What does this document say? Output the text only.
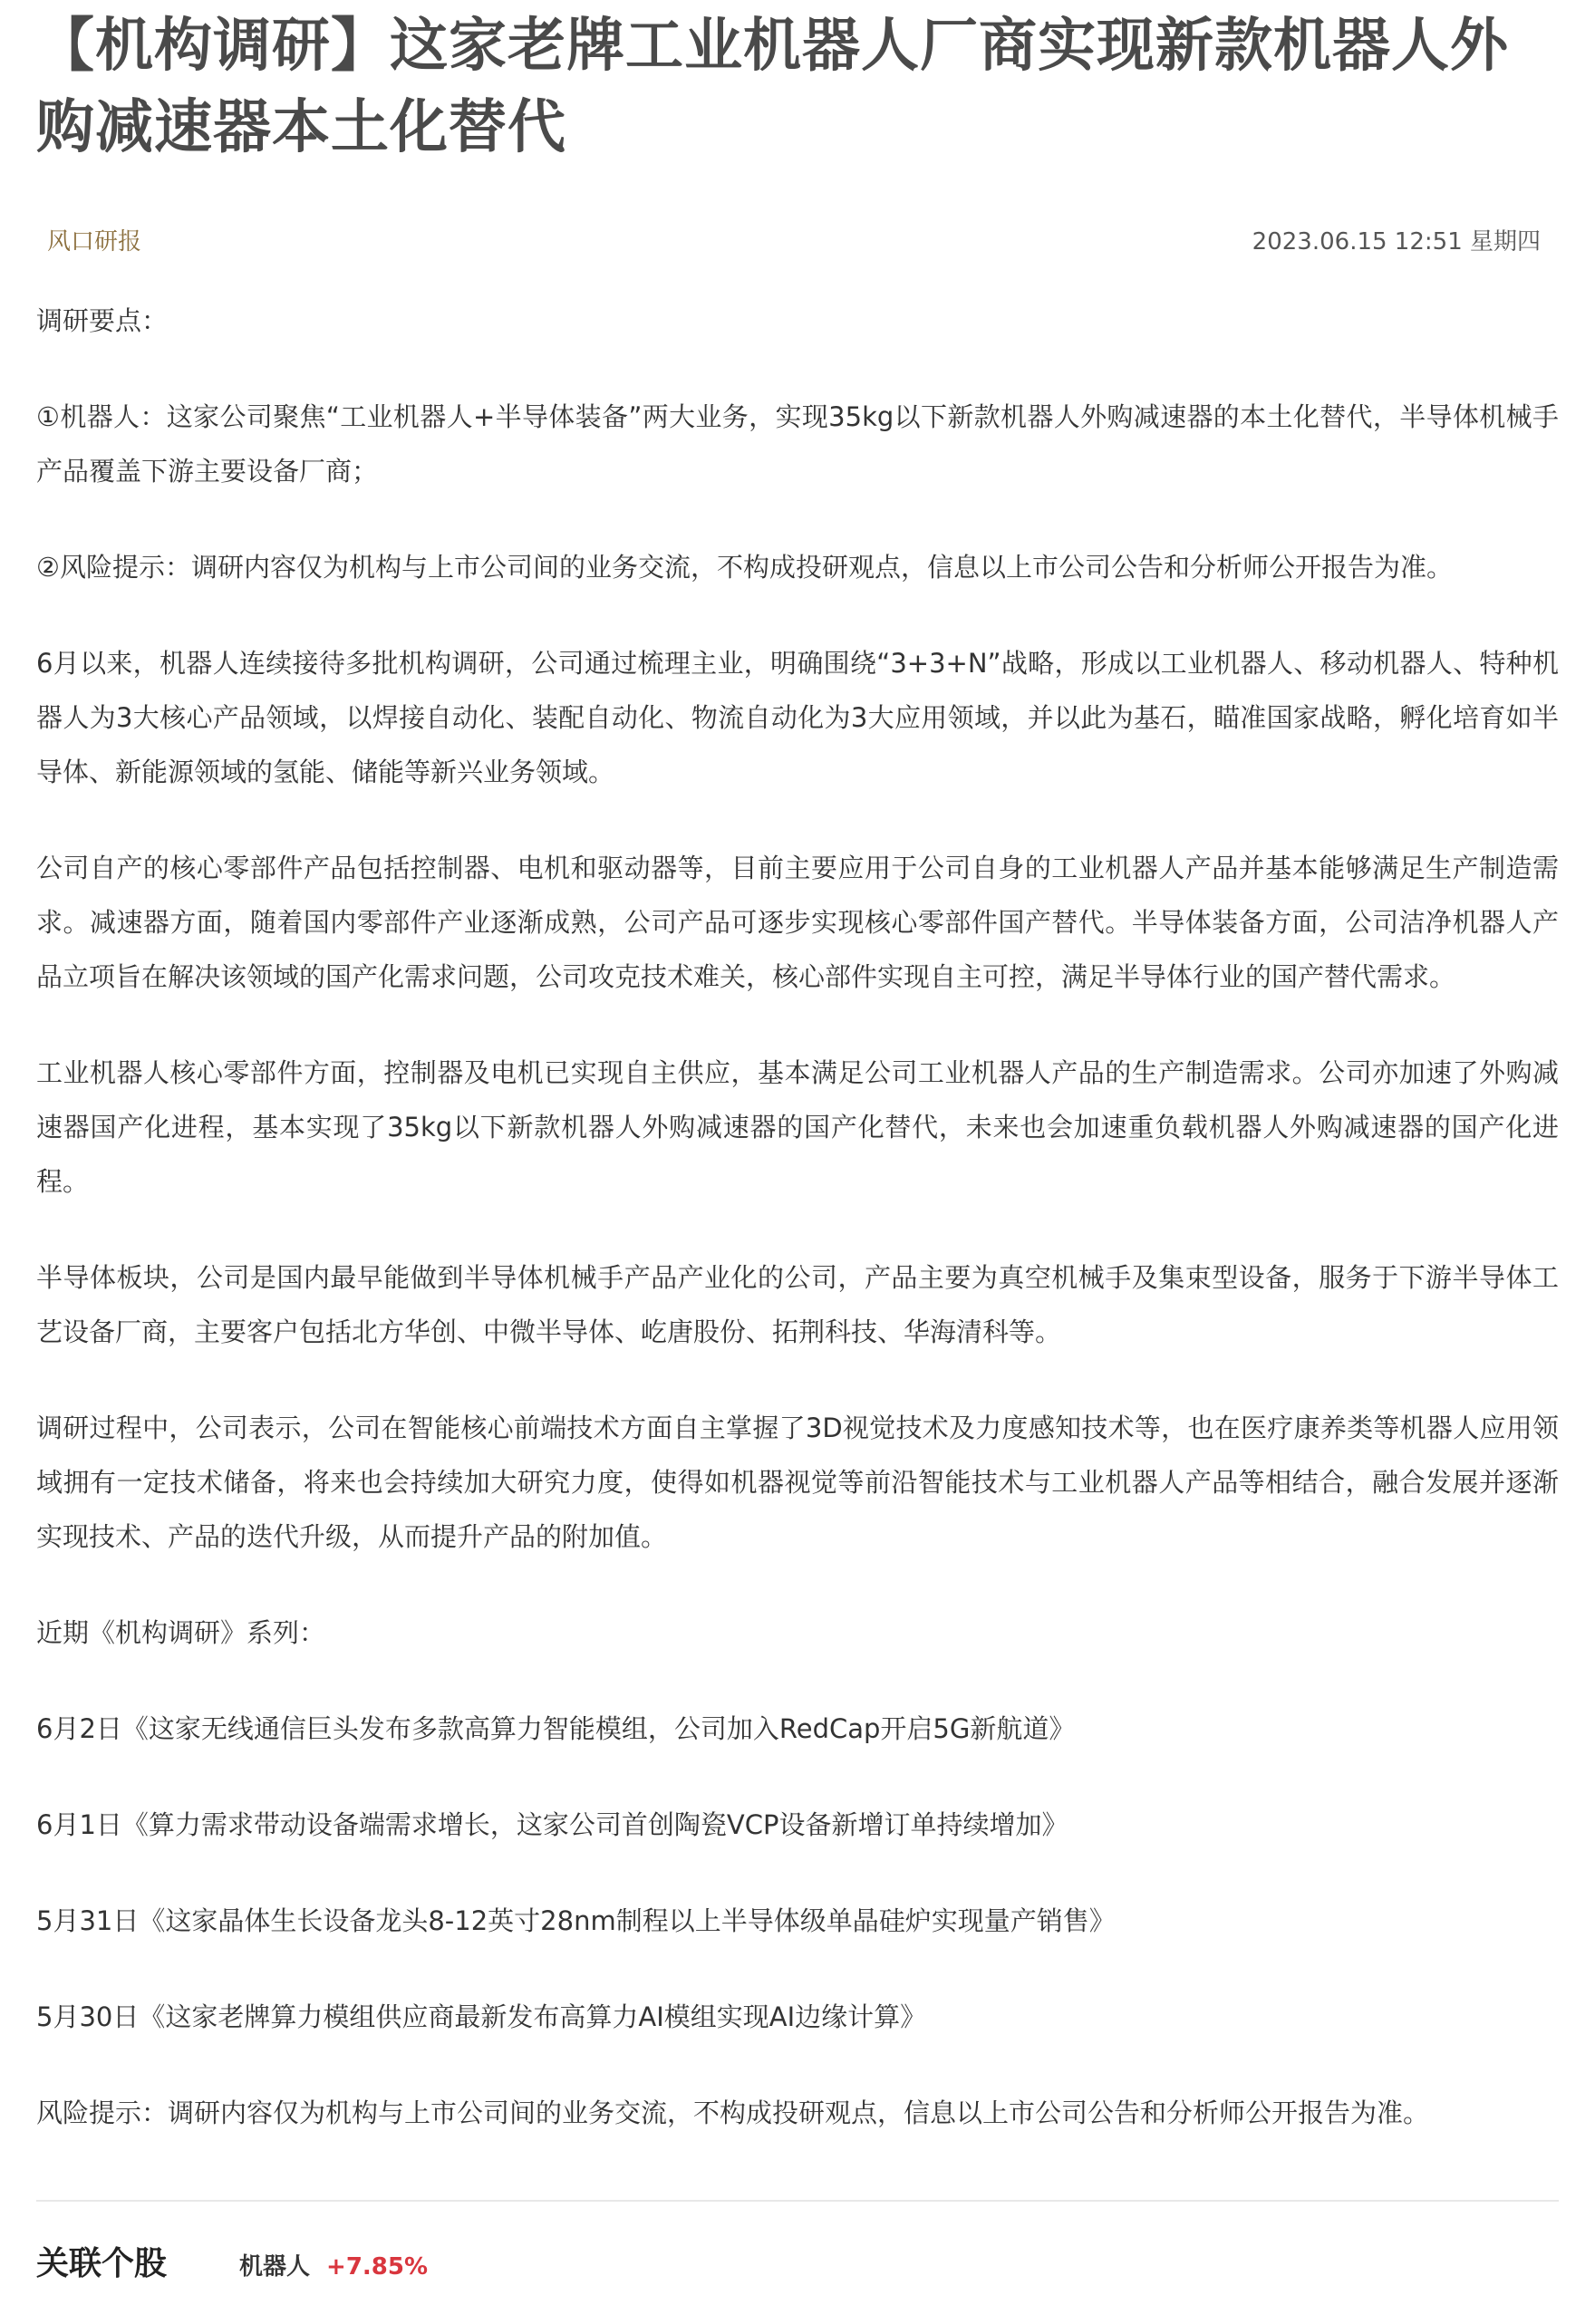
【机构调研】这家老牌工业机器人厂商实现新款机器人外购减速器本土化替代
风口研报	2023.06.15 12:51 星期四

调研要点：

①机器人：这家公司聚焦“工业机器人+半导体装备”两大业务，实现35kg以下新款机器人外购减速器的本土化替代，半导体机械手产品覆盖下游主要设备厂商；

②风险提示：调研内容仅为机构与上市公司间的业务交流，不构成投研观点，信息以上市公司公告和分析师公开报告为准。

6月以来，机器人连续接待多批机构调研，公司通过梳理主业，明确围绕“3+3+N”战略，形成以工业机器人、移动机器人、特种机器人为3大核心产品领域，以焊接自动化、装配自动化、物流自动化为3大应用领域，并以此为基石，瞄准国家战略，孵化培育如半导体、新能源领域的氢能、储能等新兴业务领域。

公司自产的核心零部件产品包括控制器、电机和驱动器等，目前主要应用于公司自身的工业机器人产品并基本能够满足生产制造需求。减速器方面，随着国内零部件产业逐渐成熟，公司产品可逐步实现核心零部件国产替代。半导体装备方面，公司洁净机器人产品立项旨在解决该领域的国产化需求问题，公司攻克技术难关，核心部件实现自主可控，满足半导体行业的国产替代需求。

工业机器人核心零部件方面，控制器及电机已实现自主供应，基本满足公司工业机器人产品的生产制造需求。公司亦加速了外购减速器国产化进程，基本实现了35kg以下新款机器人外购减速器的国产化替代，未来也会加速重负载机器人外购减速器的国产化进程。

半导体板块，公司是国内最早能做到半导体机械手产品产业化的公司，产品主要为真空机械手及集束型设备，服务于下游半导体工艺设备厂商，主要客户包括北方华创、中微半导体、屹唐股份、拓荆科技、华海清科等。

调研过程中，公司表示，公司在智能核心前端技术方面自主掌握了3D视觉技术及力度感知技术等，也在医疗康养类等机器人应用领域拥有一定技术储备，将来也会持续加大研究力度，使得如机器视觉等前沿智能技术与工业机器人产品等相结合，融合发展并逐渐实现技术、产品的迭代升级，从而提升产品的附加值。

近期《机构调研》系列：

6月2日《这家无线通信巨头发布多款高算力智能模组，公司加入RedCap开启5G新航道》

6月1日《算力需求带动设备端需求增长，这家公司首创陶瓷VCP设备新增订单持续增加》

5月31日《这家晶体生长设备龙头8-12英寸28nm制程以上半导体级单晶硅炉实现量产销售》

5月30日《这家老牌算力模组供应商最新发布高算力AI模组实现AI边缘计算》

风险提示：调研内容仅为机构与上市公司间的业务交流，不构成投研观点，信息以上市公司公告和分析师公开报告为准。

关联个股	机器人 +7.85%
